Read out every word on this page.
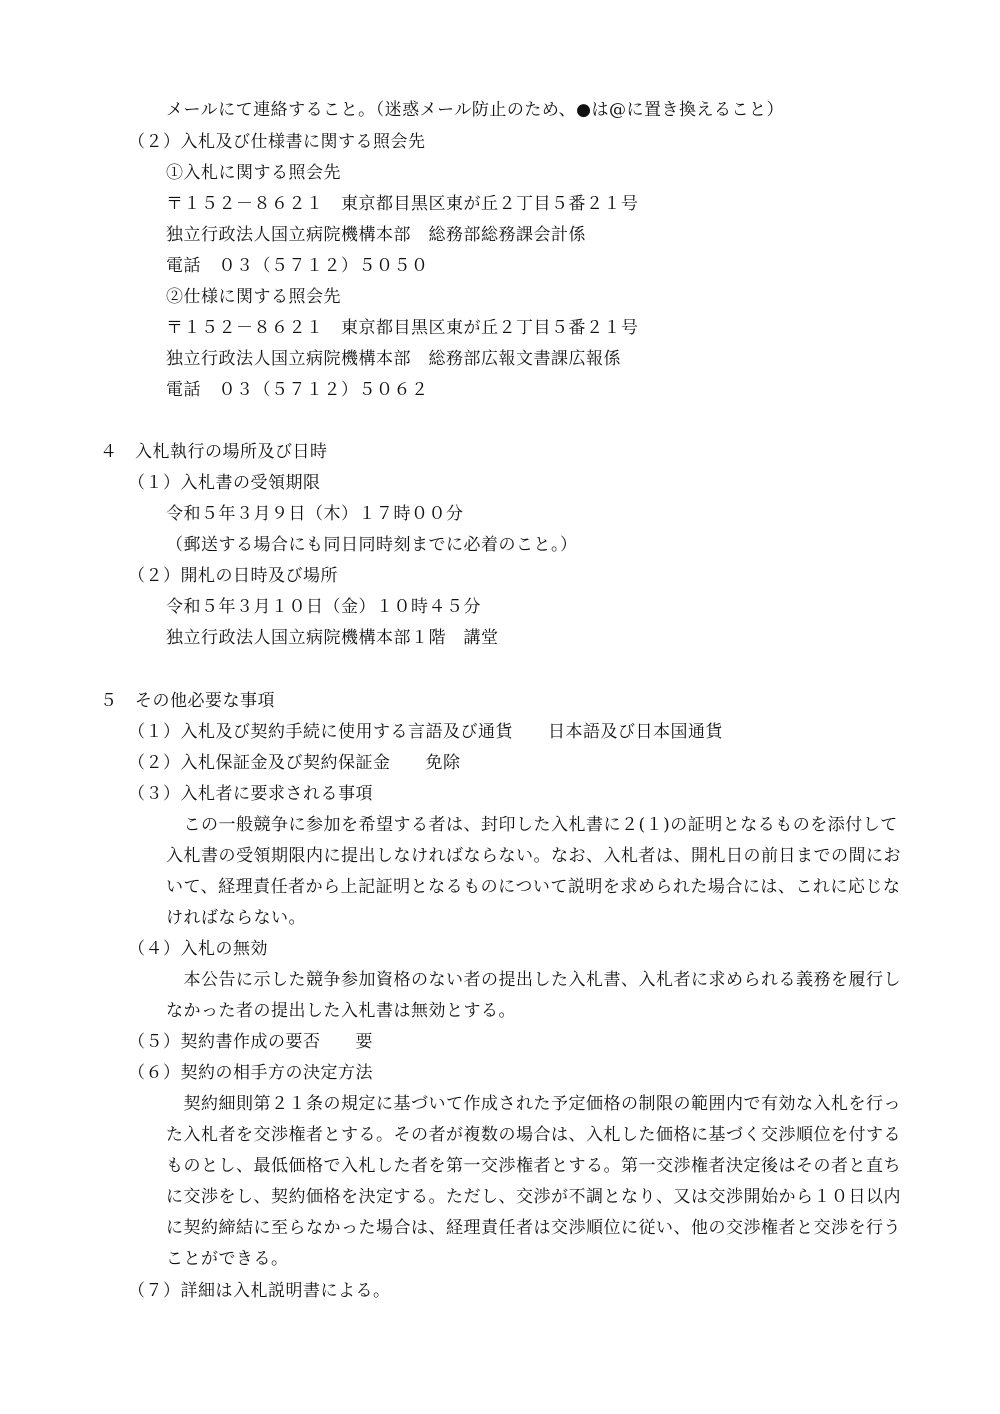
メールにて連絡すること。（迷惑メール防止のため、●は@に置き換えること）
（２）入札及び仕様書に関する照会先
①入札に関する照会先
〒１５２－８６２１　東京都目黒区東が丘２丁目５番２１号
独立行政法人国立病院機構本部　総務部総務課会計係
電話　０３（５７１２）５０５０
②仕様に関する照会先
〒１５２－８６２１　東京都目黒区東が丘２丁目５番２１号
独立行政法人国立病院機構本部　総務部広報文書課広報係
電話　０３（５７１２）５０６２
４　入札執行の場所及び日時
（１）入札書の受領期限
令和５年３月９日（木）１７時００分
（郵送する場合にも同日同時刻までに必着のこと。）
（２）開札の日時及び場所
令和５年３月１０日（金）１０時４５分
独立行政法人国立病院機構本部１階　講堂
５　その他必要な事項
（１）入札及び契約手続に使用する言語及び通貨　　日本語及び日本国通貨
（２）入札保証金及び契約保証金　　免除
（３）入札者に要求される事項
　この一般競争に参加を希望する者は、封印した入札書に２(１)の証明となるものを添付して入札書の受領期限内に提出しなければならない。なお、入札者は、開札日の前日までの間において、経理責任者から上記証明となるものについて説明を求められた場合には、これに応じなければならない。
（４）入札の無効
　本公告に示した競争参加資格のない者の提出した入札書、入札者に求められる義務を履行しなかった者の提出した入札書は無効とする。
（５）契約書作成の要否　　要
（６）契約の相手方の決定方法
　契約細則第２１条の規定に基づいて作成された予定価格の制限の範囲内で有効な入札を行った入札者を交渉権者とする。その者が複数の場合は、入札した価格に基づく交渉順位を付するものとし、最低価格で入札した者を第一交渉権者とする。第一交渉権者決定後はその者と直ちに交渉をし、契約価格を決定する。ただし、交渉が不調となり、又は交渉開始から１０日以内に契約締結に至らなかった場合は、経理責任者は交渉順位に従い、他の交渉権者と交渉を行うことができる。
（７）詳細は入札説明書による。
